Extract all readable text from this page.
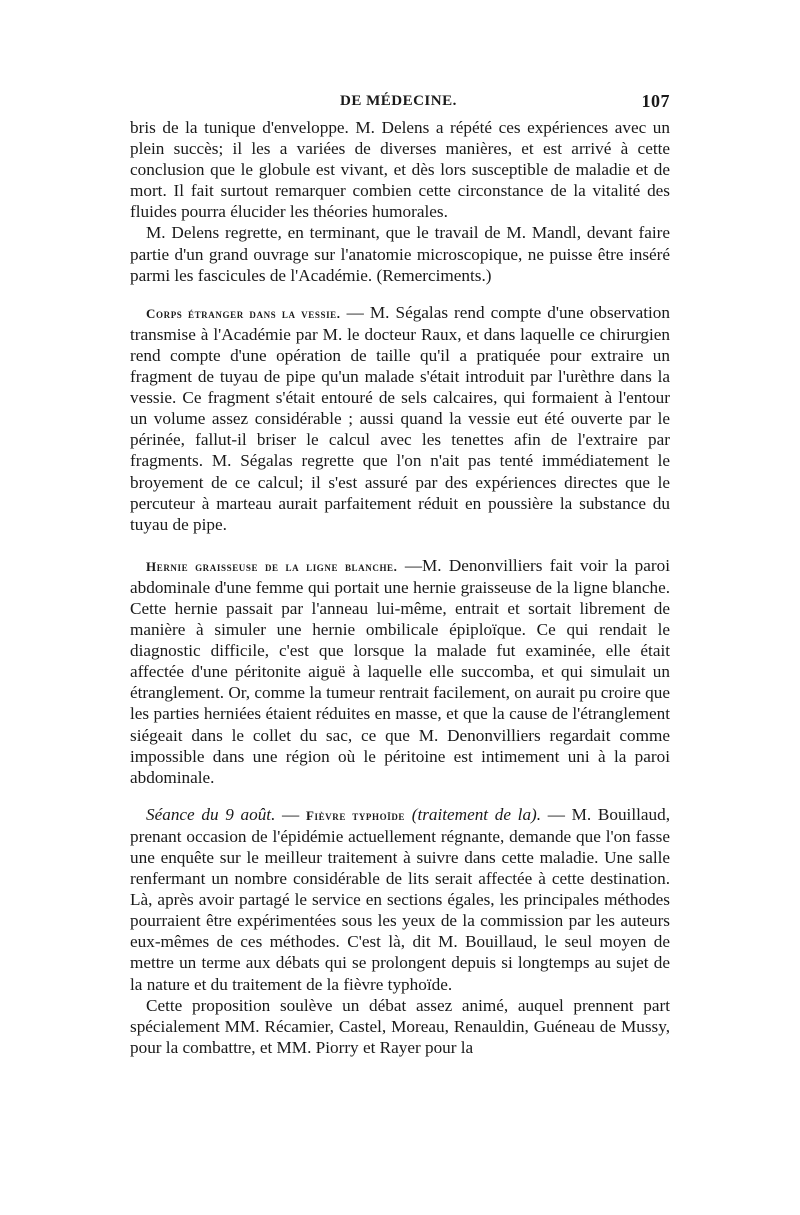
DE MÉDECINE.	107

bris de la tunique d'enveloppe. M. Delens a répété ces expériences avec un plein succès; il les a variées de diverses manières, et est arrivé à cette conclusion que le globule est vivant, et dès lors susceptible de maladie et de mort. Il fait surtout remarquer combien cette circonstance de la vitalité des fluides pourra élucider les théories humorales.

M. Delens regrette, en terminant, que le travail de M. Mandl, devant faire partie d'un grand ouvrage sur l'anatomie microscopique, ne puisse être inséré parmi les fascicules de l'Académie. (Remerciments.)

Corps étranger dans la vessie. — M. Ségalas rend compte d'une observation transmise à l'Académie par M. le docteur Raux, et dans laquelle ce chirurgien rend compte d'une opération de taille qu'il a pratiquée pour extraire un fragment de tuyau de pipe qu'un malade s'était introduit par l'urèthre dans la vessie. Ce fragment s'était entouré de sels calcaires, qui formaient à l'entour un volume assez considérable ; aussi quand la vessie eut été ouverte par le périnée, fallut-il briser le calcul avec les tenettes afin de l'extraire par fragments. M. Ségalas regrette que l'on n'ait pas tenté immédiatement le broyement de ce calcul; il s'est assuré par des expériences directes que le percuteur à marteau aurait parfaitement réduit en poussière la substance du tuyau de pipe.

Hernie graisseuse de la ligne blanche. —M. Denonvilliers fait voir la paroi abdominale d'une femme qui portait une hernie graisseuse de la ligne blanche. Cette hernie passait par l'anneau lui-même, entrait et sortait librement de manière à simuler une hernie ombilicale épiploïque. Ce qui rendait le diagnostic difficile, c'est que lorsque la malade fut examinée, elle était affectée d'une péritonite aiguë à laquelle elle succomba, et qui simulait un étranglement. Or, comme la tumeur rentrait facilement, on aurait pu croire que les parties herniées étaient réduites en masse, et que la cause de l'étranglement siégeait dans le collet du sac, ce que M. Denonvilliers regardait comme impossible dans une région où le péritoine est intimement uni à la paroi abdominale.

Séance du 9 août. — Fièvre typhoïde (traitement de la). — M. Bouillaud, prenant occasion de l'épidémie actuellement régnante, demande que l'on fasse une enquête sur le meilleur traitement à suivre dans cette maladie. Une salle renfermant un nombre considérable de lits serait affectée à cette destination. Là, après avoir partagé le service en sections égales, les principales méthodes pourraient être expérimentées sous les yeux de la commission par les auteurs eux-mêmes de ces méthodes. C'est là, dit M. Bouillaud, le seul moyen de mettre un terme aux débats qui se prolongent depuis si longtemps au sujet de la nature et du traitement de la fièvre typhoïde.

Cette proposition soulève un débat assez animé, auquel prennent part spécialement MM. Récamier, Castel, Moreau, Renauldin, Guéneau de Mussy, pour la combattre, et MM. Piorry et Rayer pour la
